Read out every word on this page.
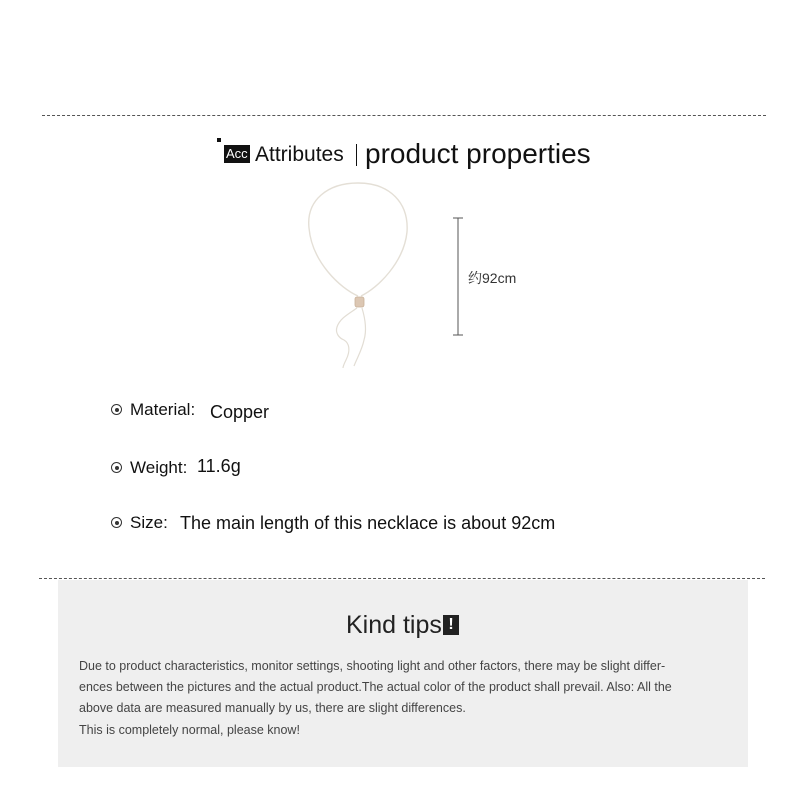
Acc Attributes product properties
约92cm
Material: Copper
Weight: 11.6g
Size: The main length of this necklace is about 92cm
Kind tips !
Due to product characteristics, monitor settings, shooting light and other factors, there may be slight differ-
ences between the pictures and the actual product.The actual color of the product shall prevail. Also: All the
above data are measured manually by us, there are slight differences.
This is completely normal, please know!
